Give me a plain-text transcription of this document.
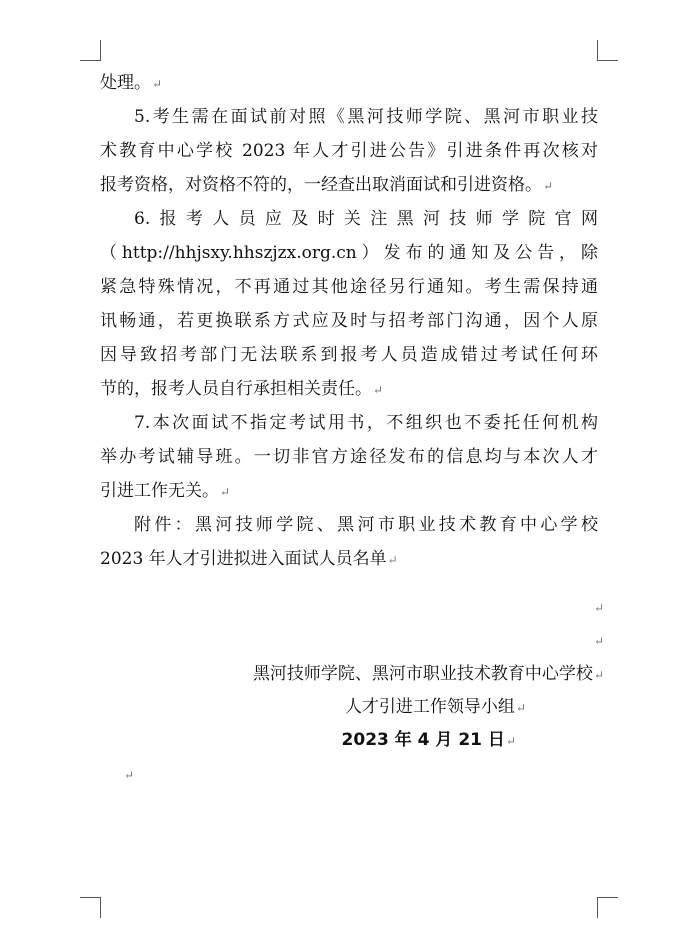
处理。 ↵
5.考生需在面试前对照《黑河技师学院、黑河市职业技
术教育中心学校 2023 年人才引进公告》引进条件再次核对
报考资格，对资格不符的，一经查出取消面试和引进资格。 ↵
6.报考人员应及时关注黑河技师学院官网
（http://hhjsxy.hhszjzx.org.cn）发布的通知及公告，除
紧急特殊情况，不再通过其他途径另行通知。考生需保持通
讯畅通，若更换联系方式应及时与招考部门沟通，因个人原
因导致招考部门无法联系到报考人员造成错过考试任何环
节的，报考人员自行承担相关责任。 ↵
7.本次面试不指定考试用书，不组织也不委托任何机构
举办考试辅导班。一切非官方途径发布的信息均与本次人才
引进工作无关。 ↵
附件：黑河技师学院、黑河市职业技术教育中心学校
2023 年人才引进拟进入面试人员名单 ↵
↵
↵
黑河技师学院、黑河市职业技术教育中心学校 ↵
人才引进工作领导小组 ↵
2023 年 4 月 21 日 ↵
↵
